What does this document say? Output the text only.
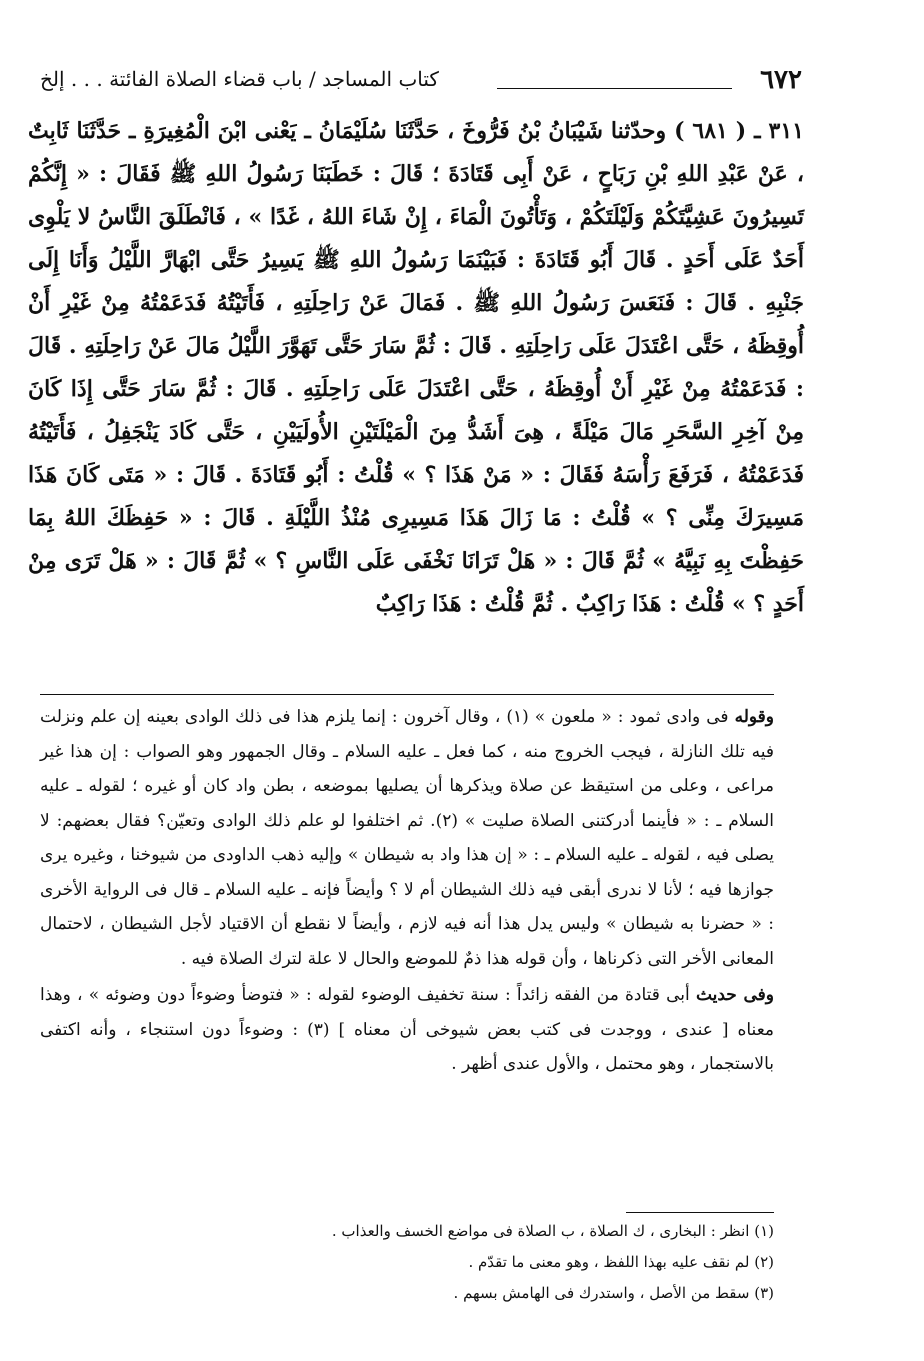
٦٧٢
كتاب المساجد / باب قضاء الصلاة الفائتة . . . إلخ

٣١١ ـ ( ٦٨١ ) وحدّثنا شَيْبَانُ بْنُ فَرُّوخَ ، حَدَّثَنَا سُلَيْمَانُ ـ يَعْنى ابْنَ الْمُغِيرَةِ ـ حَدَّثَنَا ثَابِتٌ ، عَنْ عَبْدِ اللهِ بْنِ رَبَاحٍ ، عَنْ أَبِى قَتَادَةَ ؛ قَالَ : خَطَبَنَا رَسُولُ اللهِ ﷺ فَقَالَ : « إِنَّكُمْ تَسِيرُونَ عَشِيَّتَكُمْ وَلَيْلَتَكُمْ ، وَتَأْتُونَ الْمَاءَ ، إِنْ شَاءَ اللهُ ، غَدًا » ، فَانْطَلَقَ النَّاسُ لا يَلْوِى أَحَدٌ عَلَى أَحَدٍ . قَالَ أَبُو قَتَادَةَ : فَبَيْنَمَا رَسُولُ اللهِ ﷺ يَسِيرُ حَتَّى ابْهَارَّ اللَّيْلُ وَأَنَا إِلَى جَنْبِهِ . قَالَ : فَنَعَسَ رَسُولُ اللهِ ﷺ . فَمَالَ عَنْ رَاحِلَتِهِ ، فَأَتَيْتُهُ فَدَعَمْتُهُ مِنْ غَيْرِ أَنْ أُوقِظَهُ ، حَتَّى اعْتَدَلَ عَلَى رَاحِلَتِهِ . قَالَ : ثُمَّ سَارَ حَتَّى تَهَوَّرَ اللَّيْلُ مَالَ عَنْ رَاحِلَتِهِ . قَالَ : فَدَعَمْتُهُ مِنْ غَيْرِ أَنْ أُوقِظَهُ ، حَتَّى اعْتَدَلَ عَلَى رَاحِلَتِهِ . قَالَ : ثُمَّ سَارَ حَتَّى إِذَا كَانَ مِنْ آخِرِ السَّحَرِ مَالَ مَيْلَةً ، هِىَ أَشَدُّ مِنَ الْمَيْلَتَيْنِ الأُولَيَيْنِ ، حَتَّى كَادَ يَنْجَفِلُ ، فَأَتَيْتُهُ فَدَعَمْتُهُ ، فَرَفَعَ رَأْسَهُ فَقَالَ : « مَنْ هَذَا ؟ » قُلْتُ : أَبُو قَتَادَةَ . قَالَ : « مَتَى كَانَ هَذَا مَسِيرَكَ مِنِّى ؟ » قُلْتُ : مَا زَالَ هَذَا مَسِيرِى مُنْذُ اللَّيْلَةِ . قَالَ : « حَفِظَكَ اللهُ بِمَا حَفِظْتَ بِهِ نَبِيَّهُ » ثُمَّ قَالَ : « هَلْ تَرَانَا نَخْفَى عَلَى النَّاسِ ؟ » ثُمَّ قَالَ : « هَلْ تَرَى مِنْ أَحَدٍ ؟ » قُلْتُ : هَذَا رَاكِبٌ . ثُمَّ قُلْتُ : هَذَا رَاكِبٌ

وقوله فى وادى ثمود : « ملعون » (١) ، وقال آخرون : إنما يلزم هذا فى ذلك الوادى بعينه إن علم ونزلت فيه تلك النازلة ، فيجب الخروج منه ، كما فعل ـ عليه السلام ـ وقال الجمهور وهو الصواب : إن هذا غير مراعى ، وعلى من استيقظ عن صلاة ويذكرها أن يصليها بموضعه ، بطن واد كان أو غيره ؛ لقوله ـ عليه السلام ـ : « فأينما أدركتنى الصلاة صليت » (٢). ثم اختلفوا لو علم ذلك الوادى وتعيّن؟ فقال بعضهم: لا يصلى فيه ، لقوله ـ عليه السلام ـ : « إن هذا واد به شيطان » وإليه ذهب الداودى من شيوخنا ، وغيره يرى جوازها فيه ؛ لأنا لا ندرى أبقى فيه ذلك الشيطان أم لا ؟ وأيضاً فإنه ـ عليه السلام ـ قال فى الرواية الأخرى : « حضرنا به شيطان » وليس يدل هذا أنه فيه لازم ، وأيضاً لا نقطع أن الاقتياد لأجل الشيطان ، لاحتمال المعانى الأخر التى ذكرناها ، وأن قوله هذا ذمٌ للموضع والحال لا علة لترك الصلاة فيه .

وفى حديث أبى قتادة من الفقه زائداً : سنة تخفيف الوضوء لقوله : « فتوضأ وضوءاً دون وضوئه » ، وهذا معناه [ عندى ، ووجدت فى كتب بعض شيوخى أن معناه ] (٣) : وضوءاً دون استنجاء ، وأنه اكتفى بالاستجمار ، وهو محتمل ، والأول عندى أظهر .

(١) انظر : البخارى ، ك الصلاة ، ب الصلاة فى مواضع الخسف والعذاب .
(٢) لم نقف عليه بهذا اللفظ ، وهو معنى ما تقدّم .
(٣) سقط من الأصل ، واستدرك فى الهامش بسهم .
